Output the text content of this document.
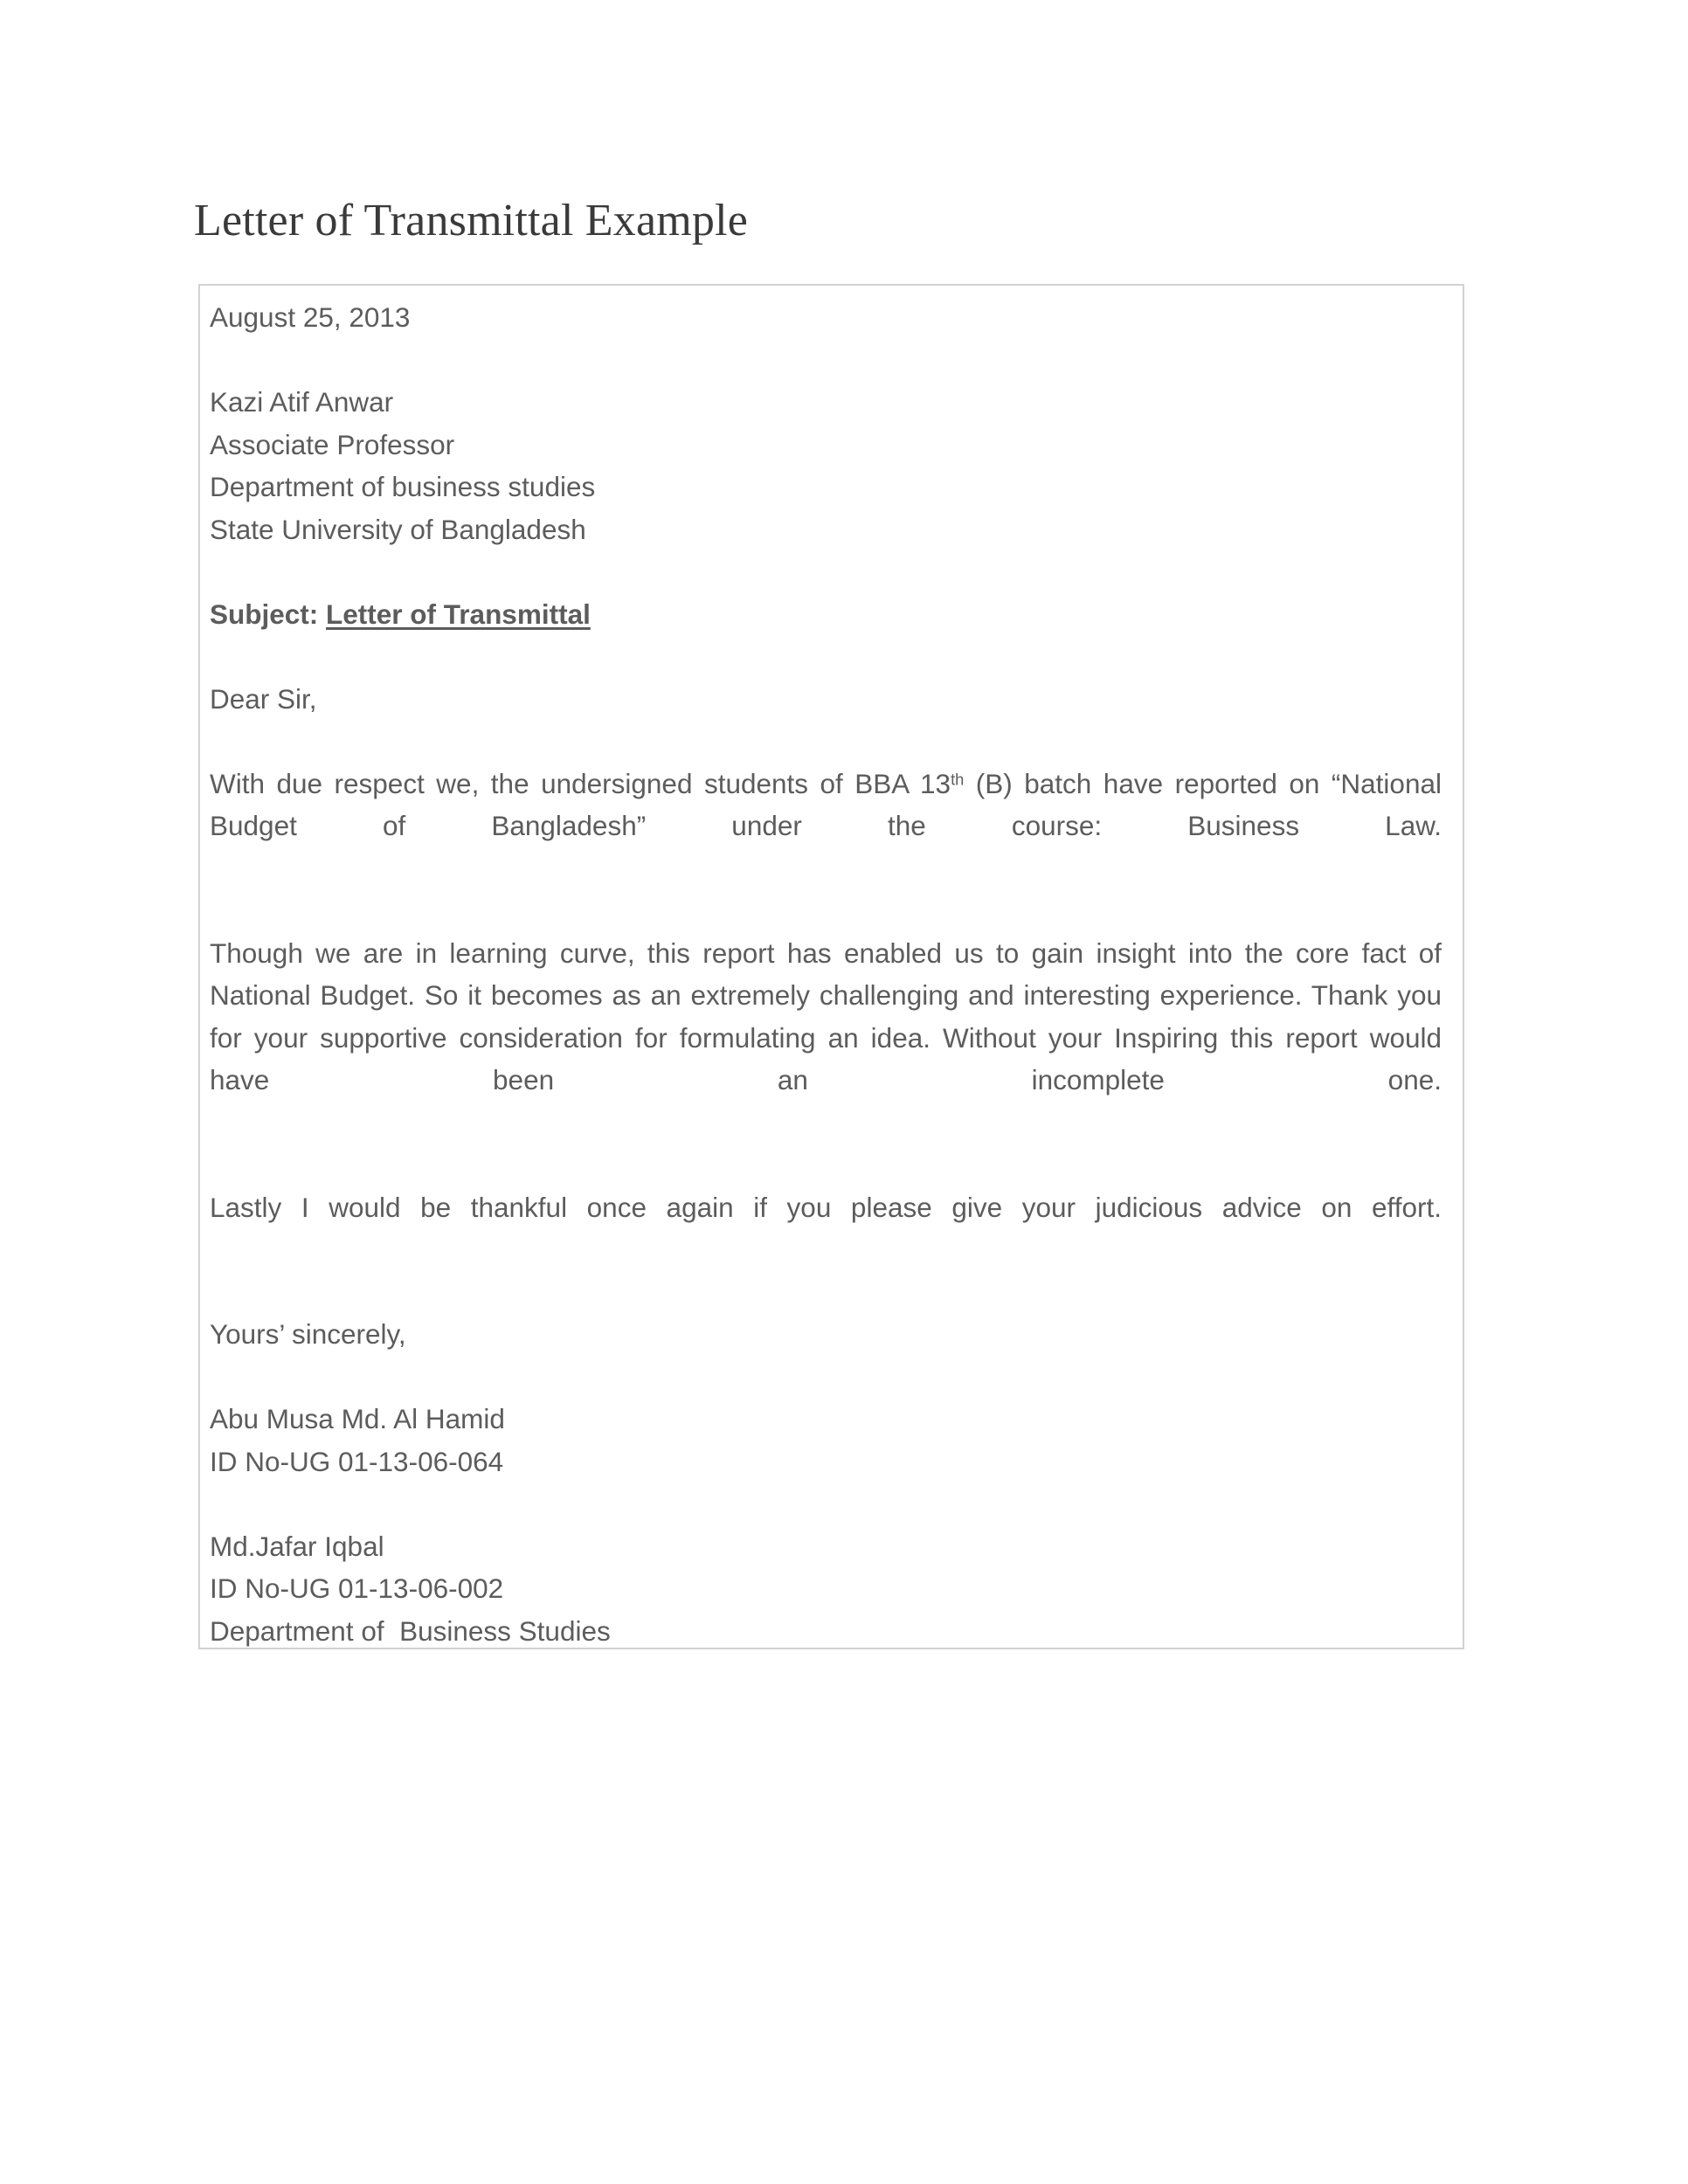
Letter of Transmittal Example

August 25, 2013

Kazi Atif Anwar

Associate Professor

Department of business studies

State University of Bangladesh

Subject: Letter of Transmittal

Dear Sir,

With due respect we, the undersigned students of BBA 13th (B) batch have reported on “National Budget of Bangladesh” under the course: Business Law.

Though we are in learning curve, this report has enabled us to gain insight into the core fact of National Budget. So it becomes as an extremely challenging and interesting experience. Thank you for your supportive consideration for formulating an idea. Without your Inspiring this report would have been an incomplete one.

Lastly I would be thankful once again if you please give your judicious advice on effort.

Yours’ sincerely,

Abu Musa Md. Al Hamid

ID No-UG 01-13-06-064

Md.Jafar Iqbal

ID No-UG 01-13-06-002

Department of  Business Studies
